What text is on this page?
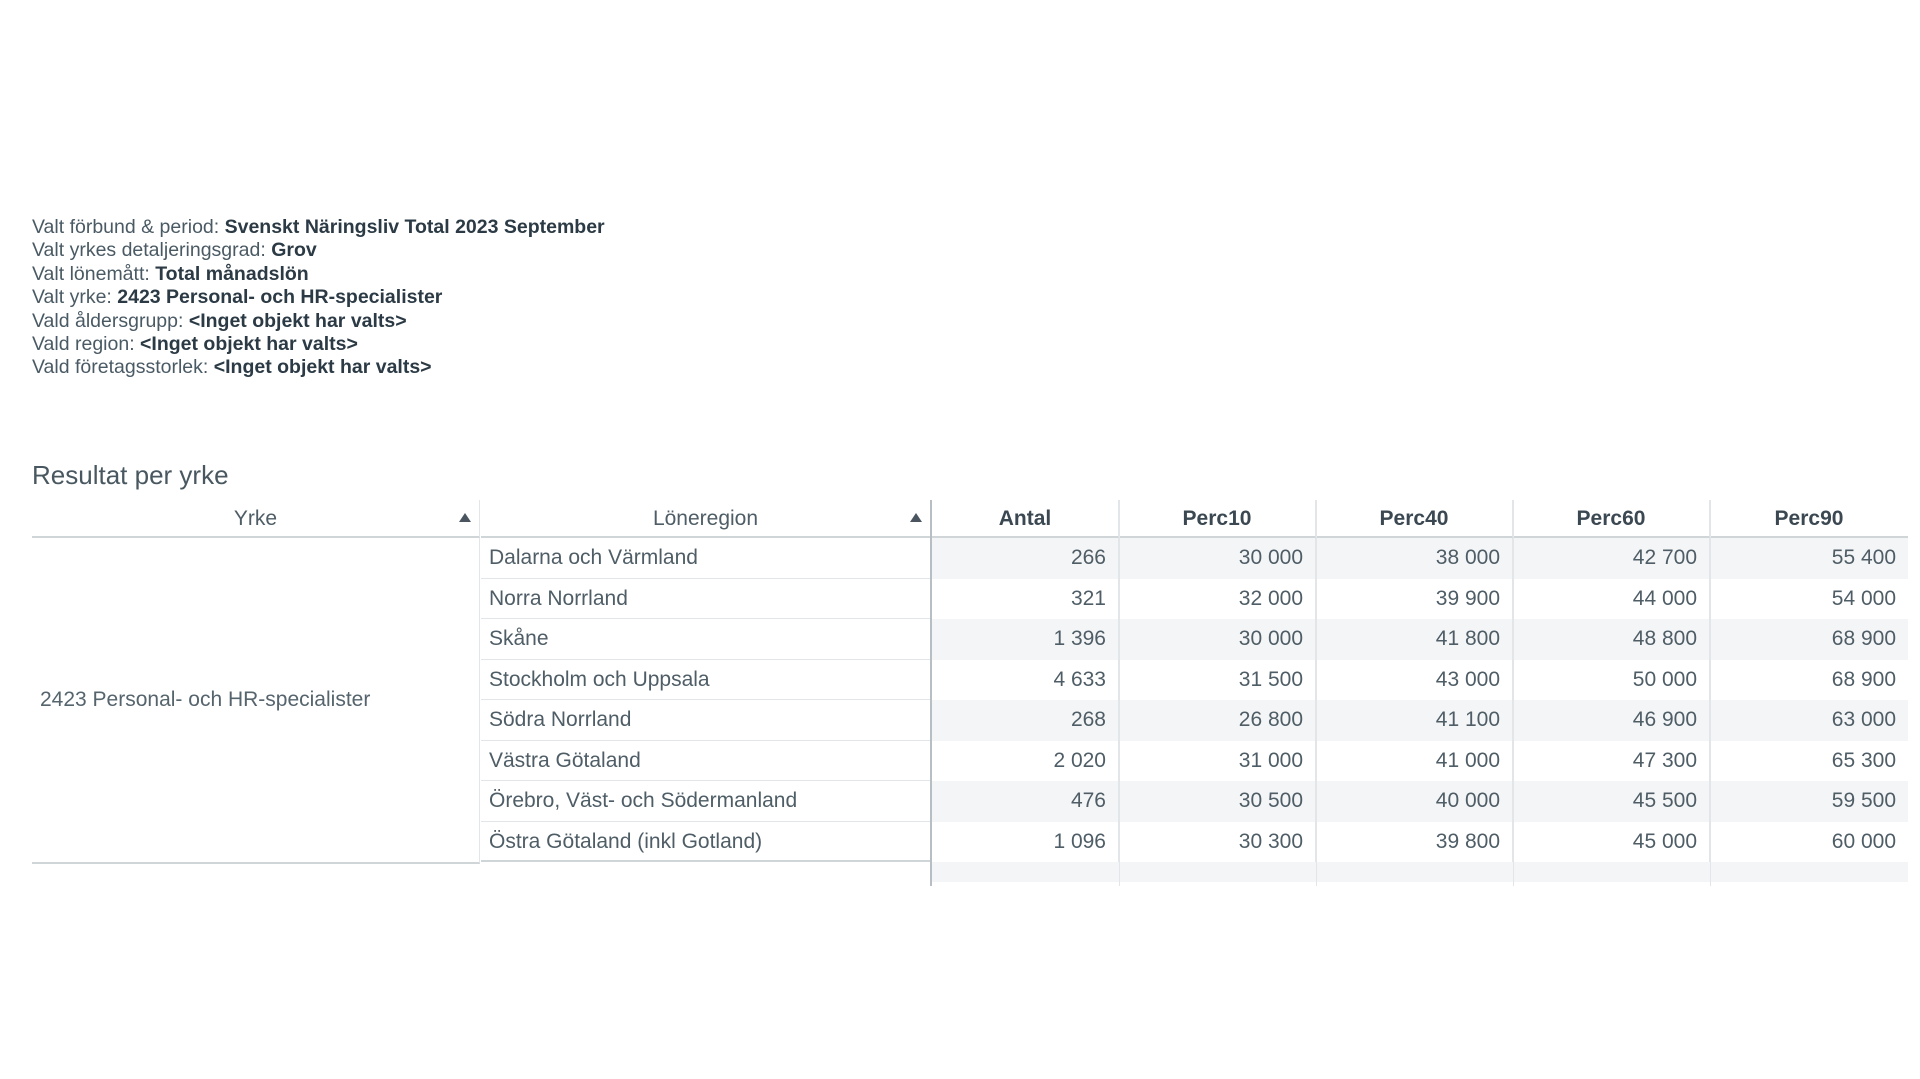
Valt förbund & period: Svenskt Näringsliv Total 2023 September
Valt yrkes detaljeringsgrad: Grov
Valt lönemått: Total månadslön
Valt yrke: 2423 Personal- och HR-specialister
Vald åldersgrupp: <Inget objekt har valts>
Vald region: <Inget objekt har valts>
Vald företagsstorlek: <Inget objekt har valts>
Resultat per yrke
Yrke	Löneregion	Antal	Perc10	Perc40	Perc60	Perc90
2423 Personal- och HR-specialister
Dalarna och Värmland	266	30 000	38 000	42 700	55 400
Norra Norrland	321	32 000	39 900	44 000	54 000
Skåne	1 396	30 000	41 800	48 800	68 900
Stockholm och Uppsala	4 633	31 500	43 000	50 000	68 900
Södra Norrland	268	26 800	41 100	46 900	63 000
Västra Götaland	2 020	31 000	41 000	47 300	65 300
Örebro, Väst- och Södermanland	476	30 500	40 000	45 500	59 500
Östra Götaland (inkl Gotland)	1 096	30 300	39 800	45 000	60 000
